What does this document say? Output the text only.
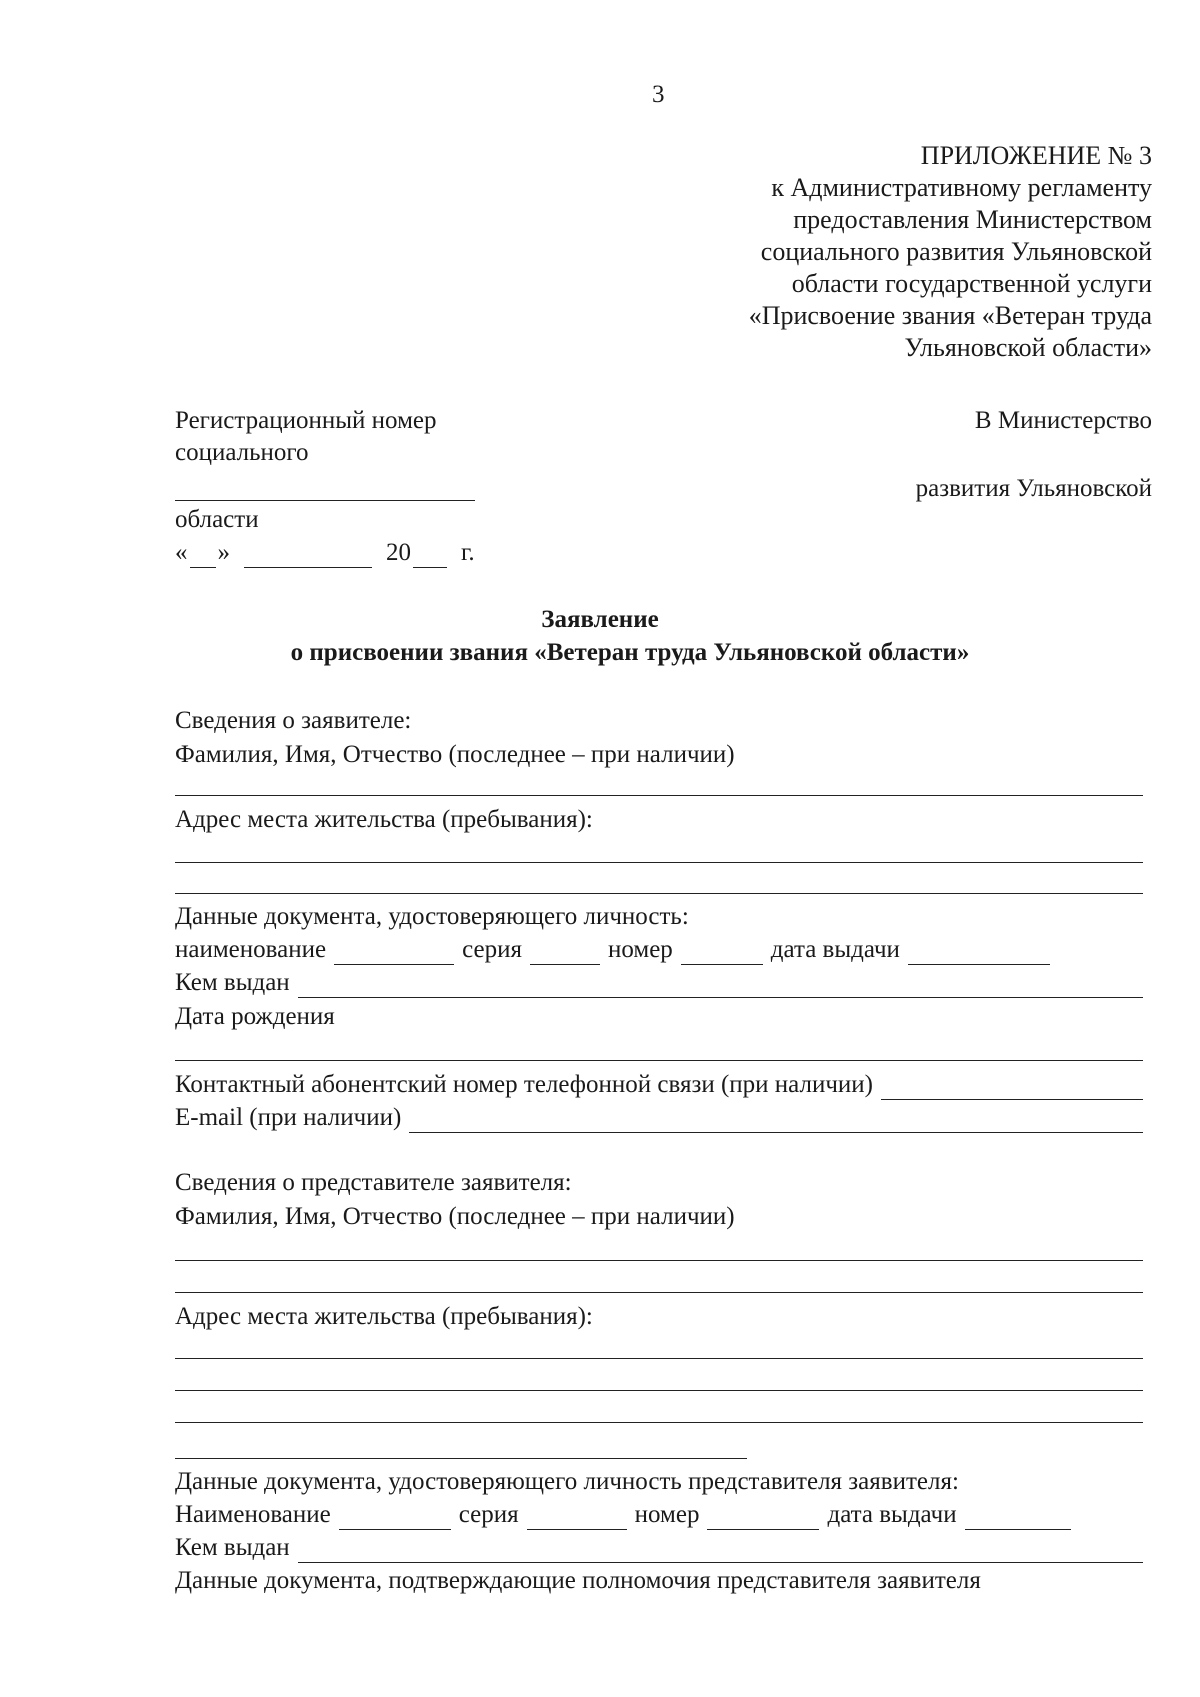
3
ПРИЛОЖЕНИЕ № 3
к Административному регламенту
предоставления Министерством
социального развития Ульяновской
области государственной услуги
«Присвоение звания «Ветеран труда
Ульяновской области»
Регистрационный номер
социального
области
« »	20 г.
В Министерство
развития Ульяновской
Заявление
о присвоении звания «Ветеран труда Ульяновской области»
Сведения о заявителе:
Фамилия, Имя, Отчество (последнее – при наличии)
Адрес места жительства (пребывания):
Данные документа, удостоверяющего личность:
наименование	серия	номер	дата выдачи
Кем выдан
Дата рождения
Контактный абонентский номер телефонной связи (при наличии)
E-mail (при наличии)
Сведения о представителе заявителя:
Фамилия, Имя, Отчество (последнее – при наличии)
Адрес места жительства (пребывания):
Данные документа, удостоверяющего личность представителя заявителя:
Наименование	серия	номер	дата выдачи
Кем выдан
Данные документа, подтверждающие полномочия представителя заявителя
